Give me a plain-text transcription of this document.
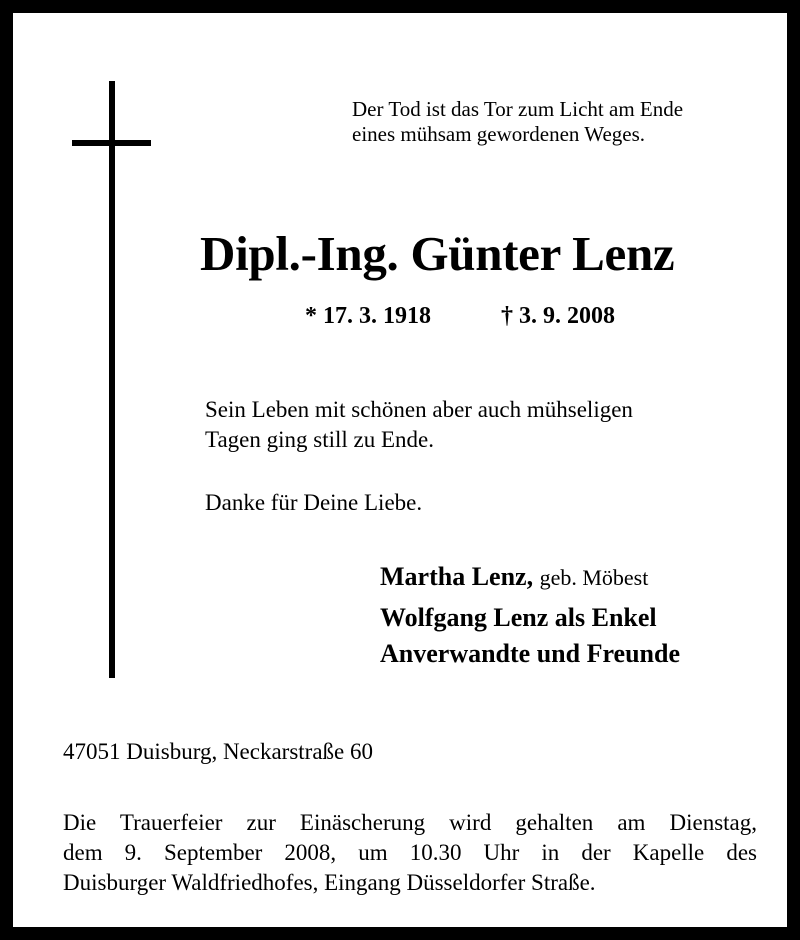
Der Tod ist das Tor zum Licht am Ende
eines mühsam gewordenen Weges.
Dipl.-Ing. Günter Lenz
* 17. 3. 1918	† 3. 9. 2008
Sein Leben mit schönen aber auch mühseligen
Tagen ging still zu Ende.
Danke für Deine Liebe.
Martha Lenz, geb. Möbest
Wolfgang Lenz als Enkel
Anverwandte und Freunde
47051 Duisburg, Neckarstraße 60
Die Trauerfeier zur Einäscherung wird gehalten am Dienstag,
dem 9. September 2008, um 10.30 Uhr in der Kapelle des
Duisburger Waldfriedhofes, Eingang Düsseldorfer Straße.
